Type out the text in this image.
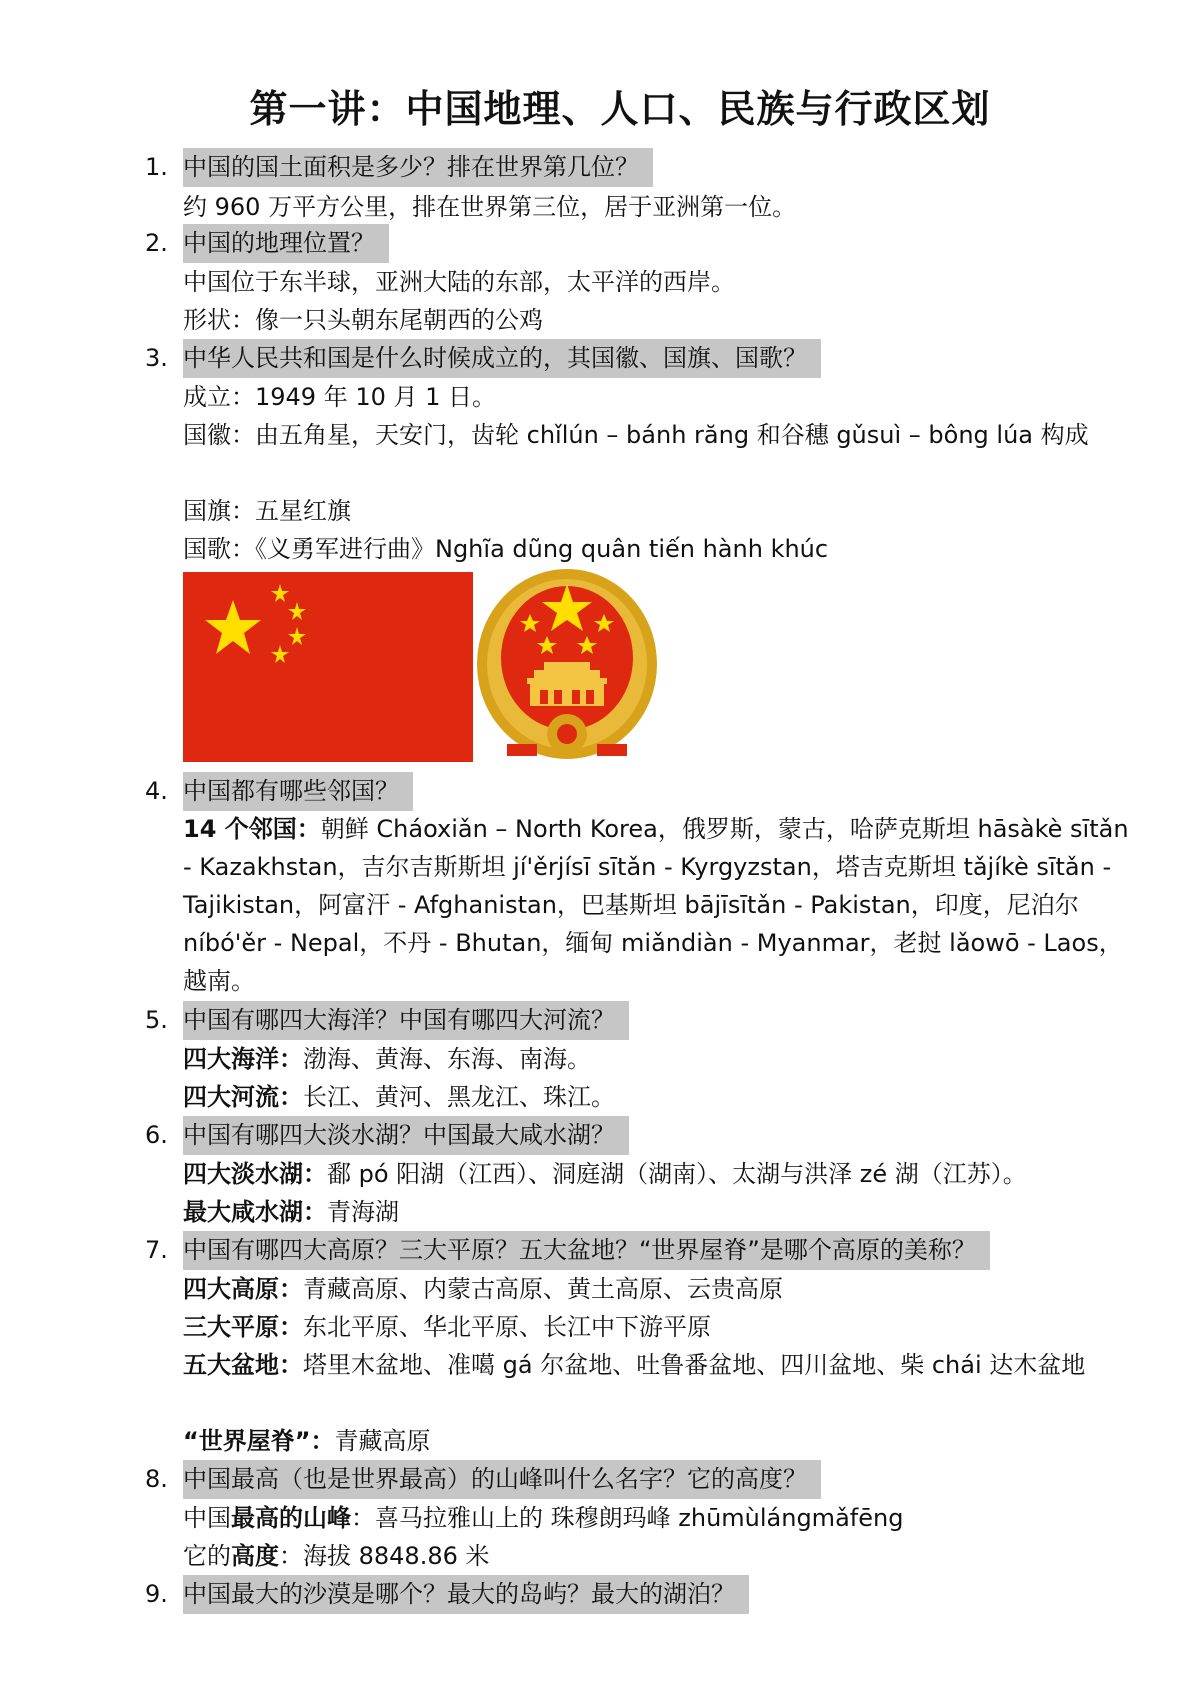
第一讲：中国地理、人口、民族与行政区划
1. 中国的国土面积是多少？排在世界第几位？
约 960 万平方公里，排在世界第三位，居于亚洲第一位。
2. 中国的地理位置？
中国位于东半球，亚洲大陆的东部，太平洋的西岸。
形状：像一只头朝东尾朝西的公鸡
3. 中华人民共和国是什么时候成立的，其国徽、国旗、国歌？
成立：1949 年 10 月 1 日。
国徽：由五角星，天安门，齿轮 chǐlún – bánh răng 和谷穗 gǔsuì – bông lúa 构成
国旗：五星红旗
国歌：《义勇军进行曲》Nghĩa dũng quân tiến hành khúc
4. 中国都有哪些邻国？
14 个邻国：朝鲜 Cháoxiǎn – North Korea，俄罗斯，蒙古，哈萨克斯坦 hāsàkè sītǎn - Kazakhstan，吉尔吉斯斯坦 jí'ěrjísī sītǎn - Kyrgyzstan，塔吉克斯坦 tǎjíkè sītǎn - Tajikistan，阿富汗 - Afghanistan，巴基斯坦 bājīsītǎn - Pakistan，印度，尼泊尔 níbó'ěr - Nepal，不丹 - Bhutan，缅甸 miǎndiàn - Myanmar，老挝 lǎowō - Laos，越南。
5. 中国有哪四大海洋？中国有哪四大河流？
四大海洋：渤海、黄海、东海、南海。
四大河流：长江、黄河、黑龙江、珠江。
6. 中国有哪四大淡水湖？中国最大咸水湖？
四大淡水湖：鄱 pó 阳湖（江西）、洞庭湖（湖南）、太湖与洪泽 zé 湖（江苏）。
最大咸水湖：青海湖
7. 中国有哪四大高原？三大平原？五大盆地？“世界屋脊”是哪个高原的美称？
四大高原：青藏高原、内蒙古高原、黄土高原、云贵高原
三大平原：东北平原、华北平原、长江中下游平原
五大盆地：塔里木盆地、准噶 gá 尔盆地、吐鲁番盆地、四川盆地、柴 chái 达木盆地
“世界屋脊”：青藏高原
8. 中国最高（也是世界最高）的山峰叫什么名字？它的高度？
中国最高的山峰：喜马拉雅山上的 珠穆朗玛峰 zhūmùlángmǎfēng
它的高度：海拔 8848.86 米
9. 中国最大的沙漠是哪个？最大的岛屿？最大的湖泊？
